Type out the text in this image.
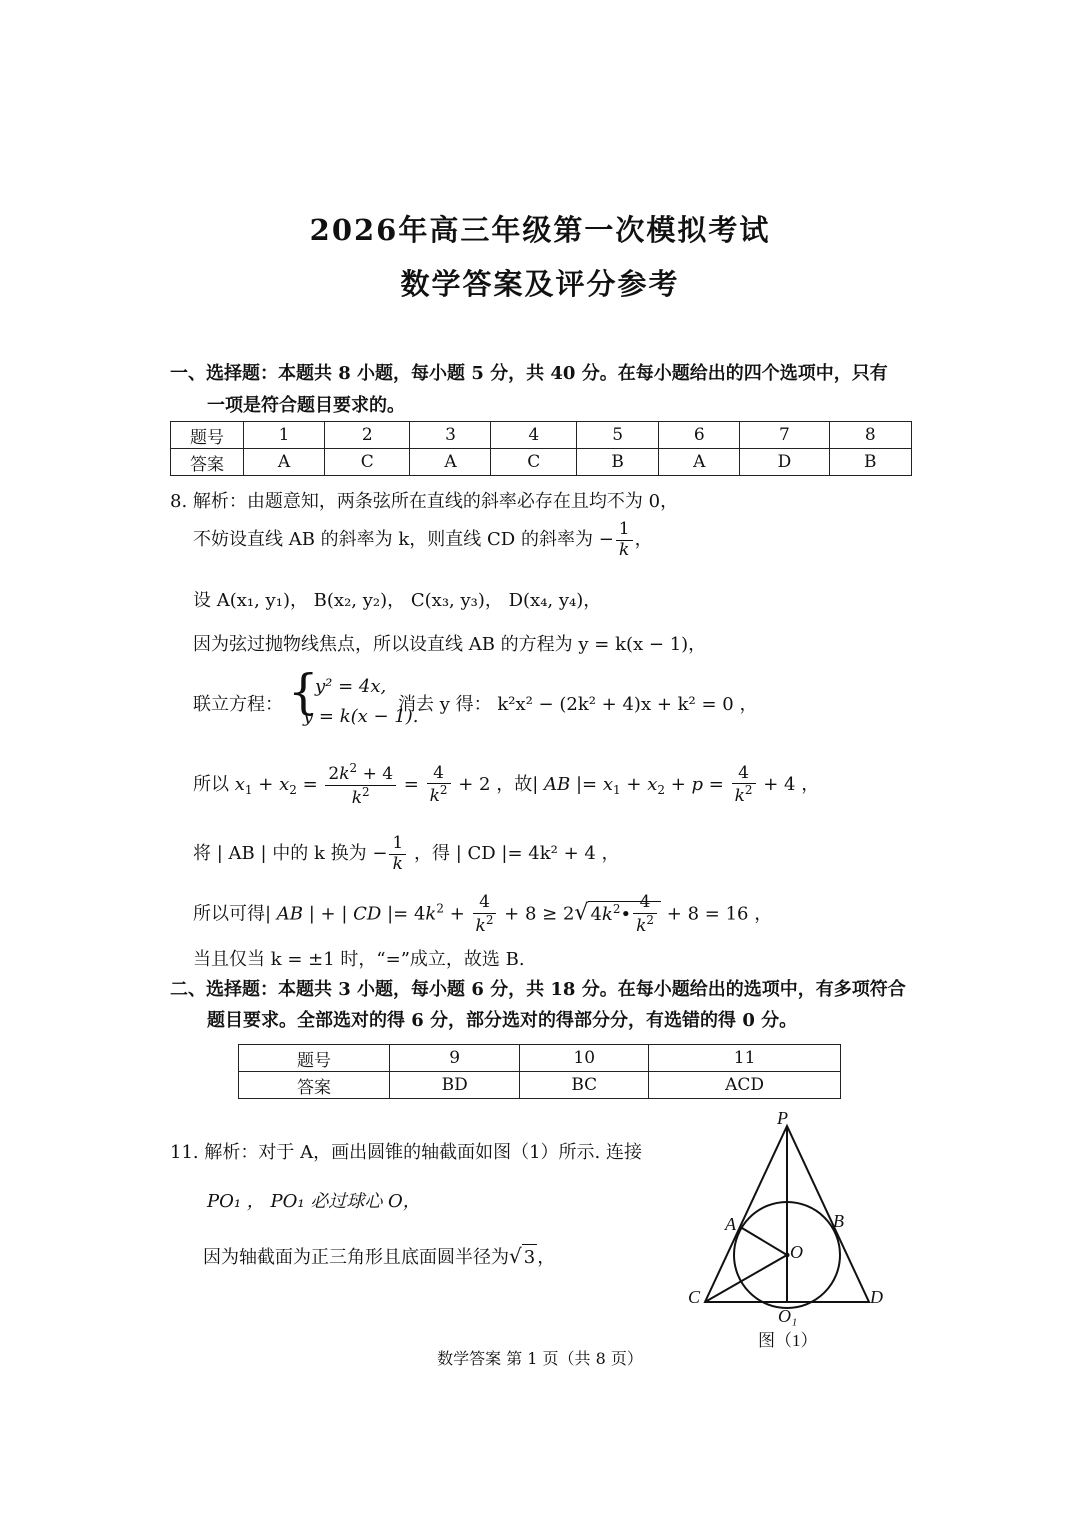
2026年高三年级第一次模拟考试
数学答案及评分参考
一、选择题：本题共 8 小题，每小题 5 分，共 40 分。在每小题给出的四个选项中，只有
一项是符合题目要求的。
题号	1	2	3	4	5	6	7	8
答案	A	C	A	C	B	A	D	B
8. 解析：由题意知，两条弦所在直线的斜率必存在且均不为 0，
不妨设直线 AB 的斜率为 k，则直线 CD 的斜率为 − $\frac{1}{k}$ ，
设 A(x₁, y₁)， B(x₂, y₂)， C(x₃, y₃)， D(x₄, y₄)，
因为弦过抛物线焦点，所以设直线 AB 的方程为 y = k(x − 1)，
联立方程： {
y² = 4x,
y = k(x − 1).
消去 y 得： k²x² − (2k² + 4)x + k² = 0 ，
所以 $x_1 + x_2 = \frac{2k^2 + 4}{k^2} = \frac{4}{k^2} + 2$ ，故| AB |= $x_1 + x_2 + p = \frac{4}{k^2} + 4$ ，
将 | AB | 中的 k 换为 − $\frac{1}{k}$ ，得 | CD |= 4k² + 4 ，
所以可得| AB | + | CD |= $4k^2 + \frac{4}{k^2} + 8 \ge 2√$ $4k^2• \frac{4}{k^2} + 8 = 16$ ，
当且仅当 k = ±1 时，“=”成立，故选 B.
二、选择题：本题共 3 小题，每小题 6 分，共 18 分。在每小题给出的选项中，有多项符合
题目要求。全部选对的得 6 分，部分选对的得部分分，有选错的得 0 分。
题号	9	10	11
答案	BD	BC	ACD
11. 解析：对于 A，画出圆锥的轴截面如图（1）所示. 连接
PO₁ ， PO₁ 必过球心 O，
因为轴截面为正三角形且底面圆半径为√ 3 ，
P
A	B
O
C	D
O₁
图（1）
数学答案 第 1 页（共 8 页）
